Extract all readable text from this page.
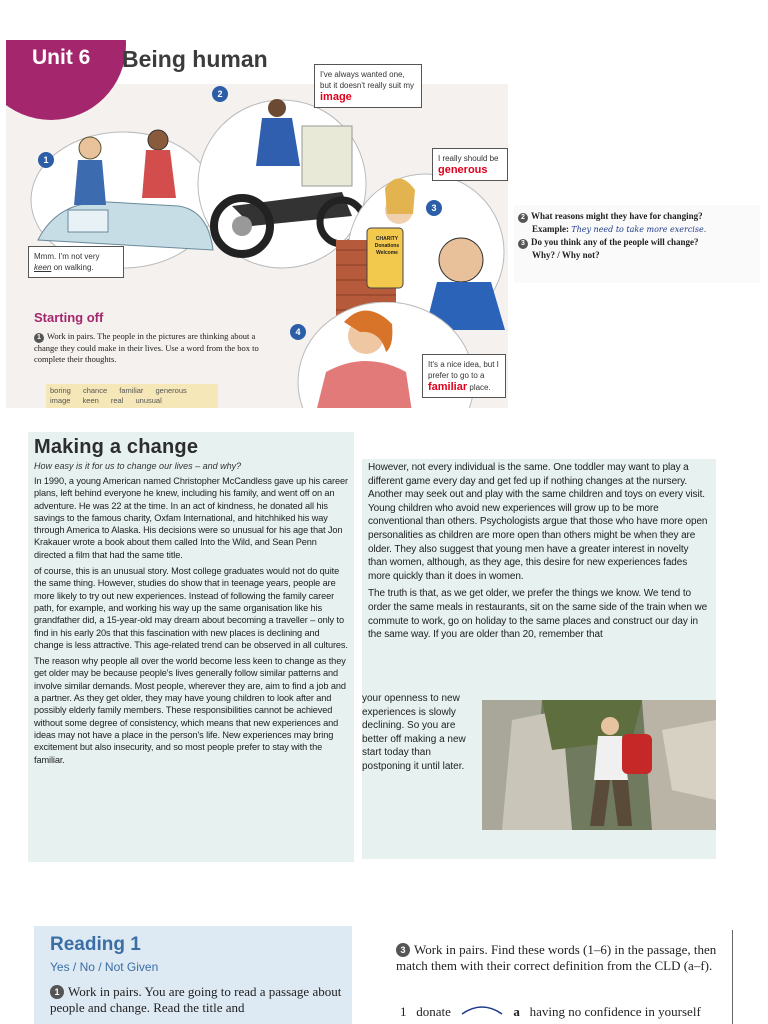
Unit 6 Being human
CHARITY Donations Welcome
I've always wanted one, but it doesn't really suit my image
I really should be
generous
Mmm. I'm not very keen on walking.
It's a nice idea, but I prefer to go to a familiar place.
1
2
3
4
Starting off
1 Work in pairs. The people in the pictures are thinking about a change they could make in their lives. Use a word from the box to complete their thoughts.
boring chance familiar generous
image keen real unusual
2 What reasons might they have for changing?
Example: They need to take more exercise.
3 Do you think any of the people will change?
Why? / Why not?
Making a change
How easy is it for us to change our lives – and why?

In 1990, a young American named Christopher McCandless gave up his career plans, left behind everyone he knew, including his family, and went off on an adventure. He was 22 at the time. In an act of kindness, he donated all his savings to the famous charity, Oxfam International, and hitchhiked his way through America to Alaska. His decisions were so unusual for his age that Jon Krakauer wrote a book about them called Into the Wild, and Sean Penn directed a film that had the same title.

of course, this is an unusual story. Most college graduates would not do quite the same thing. However, studies do show that in teenage years, people are more likely to try out new experiences. Instead of following the family career path, for example, and working his way up the same organisation like his grandfather did, a 15-year-old may dream about becoming a traveller – only to find in his early 20s that this fascination with new places is declining and change is less attractive. This age-related trend can be observed in all cultures.

The reason why people all over the world become less keen to change as they get older may be because people's lives generally follow similar patterns and involve similar demands. Most people, wherever they are, aim to find a job and a partner. As they get older, they may have young children to look after and possibly elderly family members. These responsibilities cannot be achieved without some degree of consistency, which means that new experiences and ideas may not have a place in the person's life. New experiences may bring excitement but also insecurity, and so most people prefer to stay with the familiar.

However, not every individual is the same. One toddler may want to play a different game every day and get fed up if nothing changes at the nursery. Another may seek out and play with the same children and toys on every visit. Young children who avoid new experiences will grow up to be more conventional than others. Psychologists argue that those who have more open personalities as children are more open than others might be when they are older. They also suggest that young men have a greater interest in novelty than women, although, as they age, this desire for new experiences fades more quickly than it does in women.

The truth is that, as we get older, we prefer the things we know. We tend to order the same meals in restaurants, sit on the same side of the train when we commute to work, go on holiday to the same places and construct our day in the same way. If you are older than 20, remember that

your openness to new experiences is slowly declining. So you are better off making a new start today than postponing it until later.
Reading 1
Yes / No / Not Given
1 Work in pairs. You are going to read a passage about people and change. Read the title and
3 Work in pairs. Find these words (1–6) in the passage, then match them with their correct definition from the CLD (a–f).
1 donate	a having no confidence in yourself
